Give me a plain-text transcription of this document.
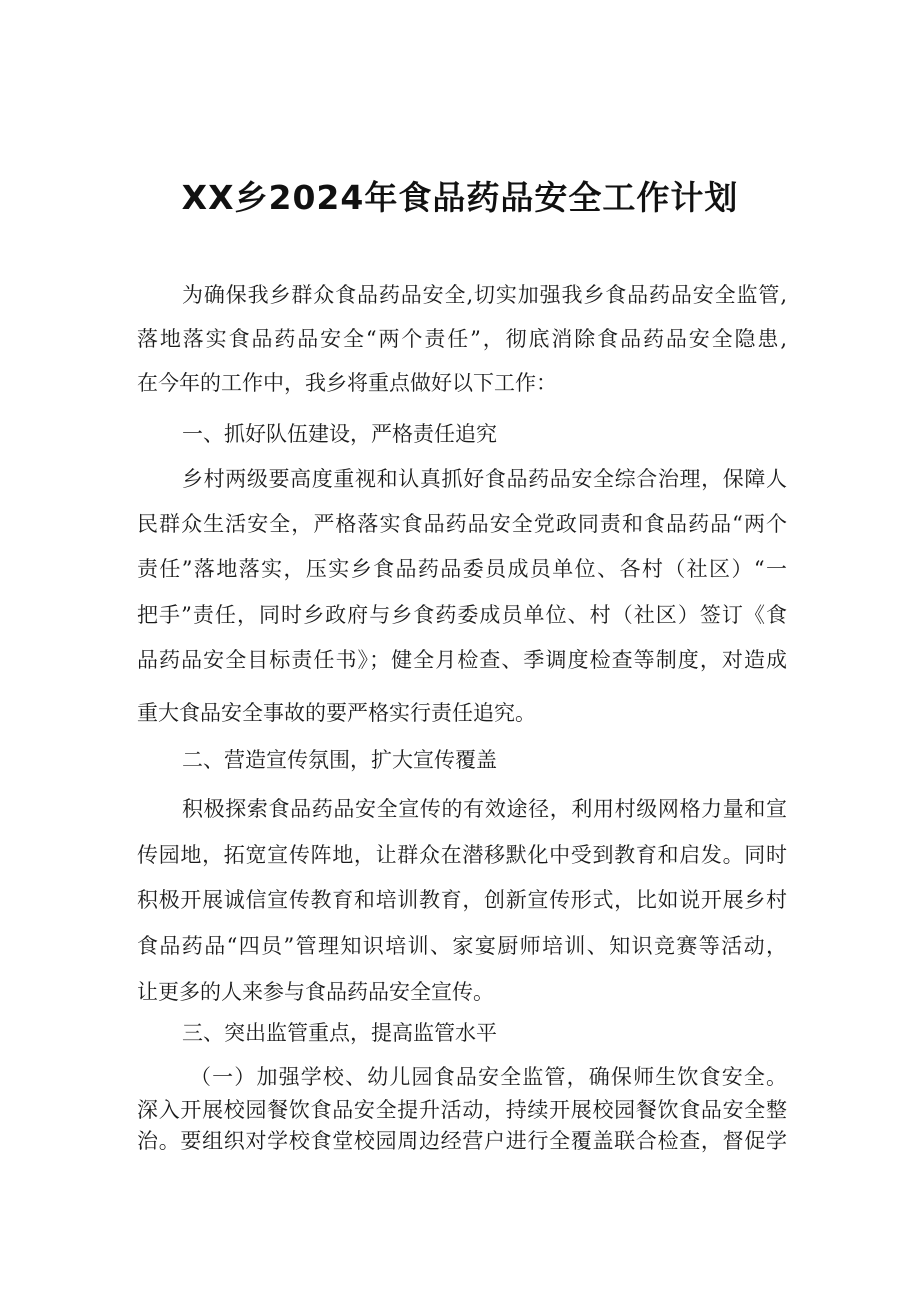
XX乡2024年食品药品安全工作计划

为确保我乡群众食品药品安全,切实加强我乡食品药品安全监管,

落地落实食品药品安全“两个责任”，彻底消除食品药品安全隐患,

在今年的工作中，我乡将重点做好以下工作：

一、抓好队伍建设，严格责任追究

乡村两级要高度重视和认真抓好食品药品安全综合治理，保障人

民群众生活安全，严格落实食品药品安全党政同责和食品药品“两个

责任”落地落实，压实乡食品药品委员成员单位、各村（社区）“一

把手”责任，同时乡政府与乡食药委成员单位、村（社区）签订《食

品药品安全目标责任书》；健全月检查、季调度检查等制度，对造成

重大食品安全事故的要严格实行责任追究。

二、营造宣传氛围，扩大宣传覆盖

积极探索食品药品安全宣传的有效途径，利用村级网格力量和宣

传园地，拓宽宣传阵地，让群众在潜移默化中受到教育和启发。同时

积极开展诚信宣传教育和培训教育，创新宣传形式，比如说开展乡村

食品药品“四员”管理知识培训、家宴厨师培训、知识竞赛等活动，

让更多的人来参与食品药品安全宣传。

三、突出监管重点，提高监管水平

（一）加强学校、幼儿园食品安全监管，确保师生饮食安全。

深入开展校园餐饮食品安全提升活动，持续开展校园餐饮食品安全整

治。要组织对学校食堂校园周边经营户进行全覆盖联合检查，督促学
